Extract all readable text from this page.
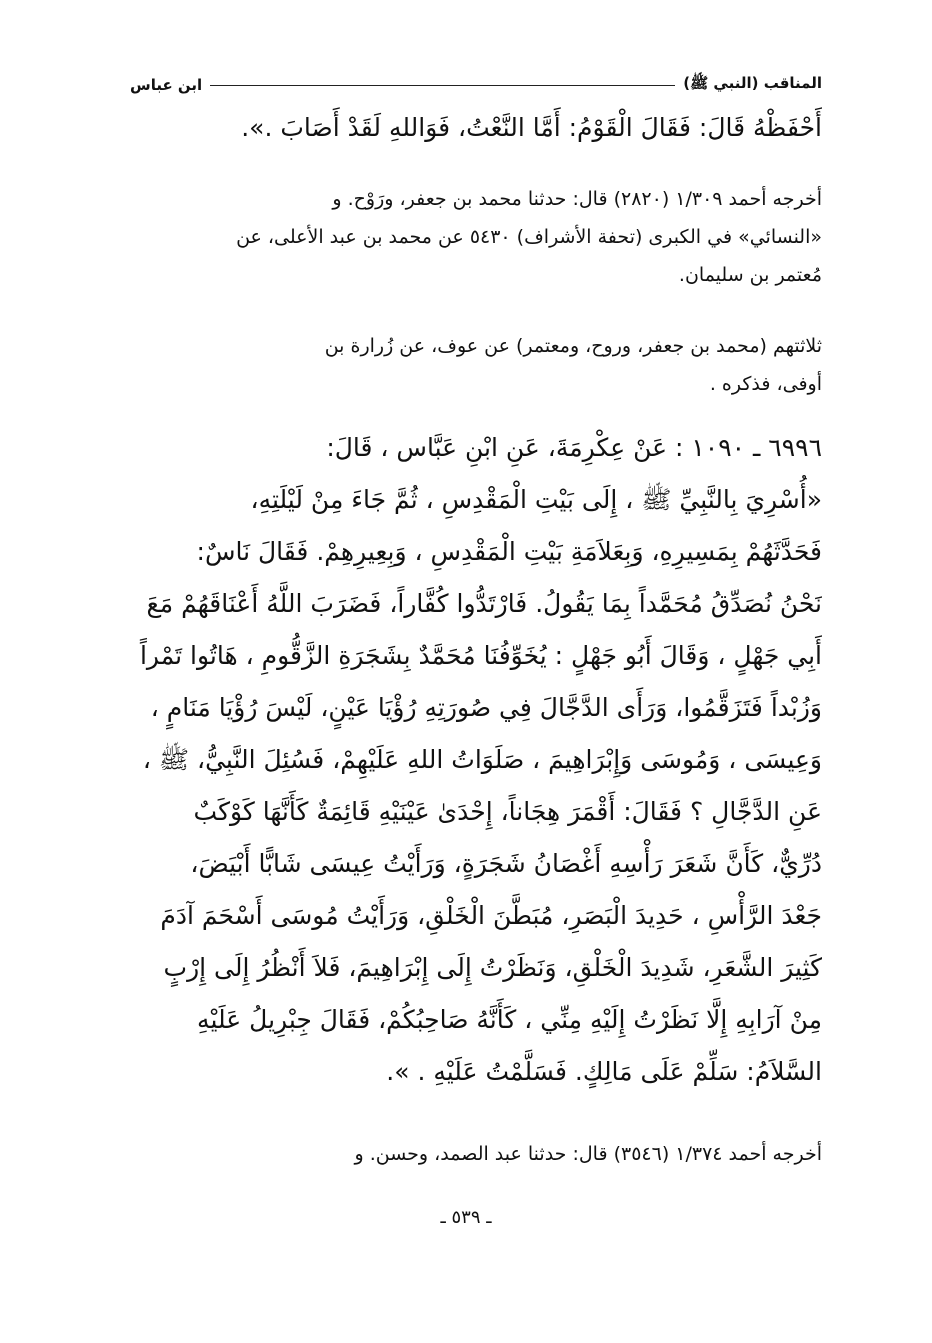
المناقب (النبي ﷺ)
ابن عباس
أَحْفَظْهُ قَالَ: فَقَالَ الْقَوْمُ: أَمَّا النَّعْتُ، فَوَاللهِ لَقَدْ أَصَابَ .».
أخرجه أحمد ١/٣٠٩ (٢٨٢٠) قال: حدثنا محمد بن جعفر، ورَوْح. و
«النسائي» في الكبرى (تحفة الأشراف) ٥٤٣٠ عن محمد بن عبد الأعلى، عن
مُعتمر بن سليمان.
ثلاثتهم (محمد بن جعفر، وروح، ومعتمر) عن عوف، عن زُرارة بن
أوفى، فذكره .
٦٩٩٦ ـ ١٠٩٠ : عَنْ عِكْرِمَةَ، عَنِ ابْنِ عَبَّاس ، قَالَ:
«أُسْرِيَ بِالنَّبِيِّ ﷺ ، إِلَى بَيْتِ الْمَقْدِسِ ، ثُمَّ جَاءَ مِنْ لَيْلَتِهِ،
فَحَدَّثَهُمْ بِمَسِيرِهِ، وَبِعَلاَمَةِ بَيْتِ الْمَقْدِسِ ، وَبِعِيرِهِمْ. فَقَالَ نَاسٌ:
نَحْنُ نُصَدِّقُ مُحَمَّداً بِمَا يَقُولُ. فَارْتَدُّوا كُفَّاراً، فَضَرَبَ اللَّهُ أَعْنَاقَهُمْ مَعَ
أَبِي جَهْلٍ ، وَقَالَ أَبُو جَهْلٍ : يُخَوِّفُنَا مُحَمَّدٌ بِشَجَرَةِ الزَّقُّومِ ، هَاتُوا تَمْراً
وَزُبْداً فَتَزَقَّمُوا، وَرَأَى الدَّجَّالَ فِي صُورَتِهِ رُؤْيَا عَيْنٍ، لَيْسَ رُؤْيَا مَنَامٍ ،
وَعِيسَى ، وَمُوسَى وَإِبْرَاهِيمَ ، صَلَوَاتُ اللهِ عَلَيْهِمْ، فَسُئِلَ النَّبِيُّ، ﷺ ،
عَنِ الدَّجَّالِ ؟ فَقَالَ: أَقْمَرَ هِجَاناً، إِحْدَىٰ عَيْنَيْهِ قَائِمَةٌ كَأَنَّهَا كَوْكَبٌ
دُرِّيٌّ، كَأَنَّ شَعَرَ رَأْسِهِ أَغْصَانُ شَجَرَةٍ، وَرَأَيْتُ عِيسَى شَابًّا أَبْيَضَ،
جَعْدَ الرَّأْسِ ، حَدِيدَ الْبَصَرِ، مُبَطَّنَ الْخَلْقِ، وَرَأَيْتُ مُوسَى أَسْحَمَ آدَمَ
كَثِيرَ الشَّعَرِ، شَدِيدَ الْخَلْقِ، وَنَظَرْتُ إِلَى إِبْرَاهِيمَ، فَلاَ أَنْظُرُ إِلَى إِرْبٍ
مِنْ آرَابِهِ إِلَّا نَظَرْتُ إِلَيْهِ مِنِّي ، كَأَنَّهُ صَاحِبُكُمْ، فَقَالَ جِبْرِيلُ عَلَيْهِ
السَّلاَمُ: سَلِّمْ عَلَى مَالِكٍ. فَسَلَّمْتُ عَلَيْهِ . ».
أخرجه أحمد ١/٣٧٤ (٣٥٤٦) قال: حدثنا عبد الصمد، وحسن. و
ـ ٥٣٩ ـ
